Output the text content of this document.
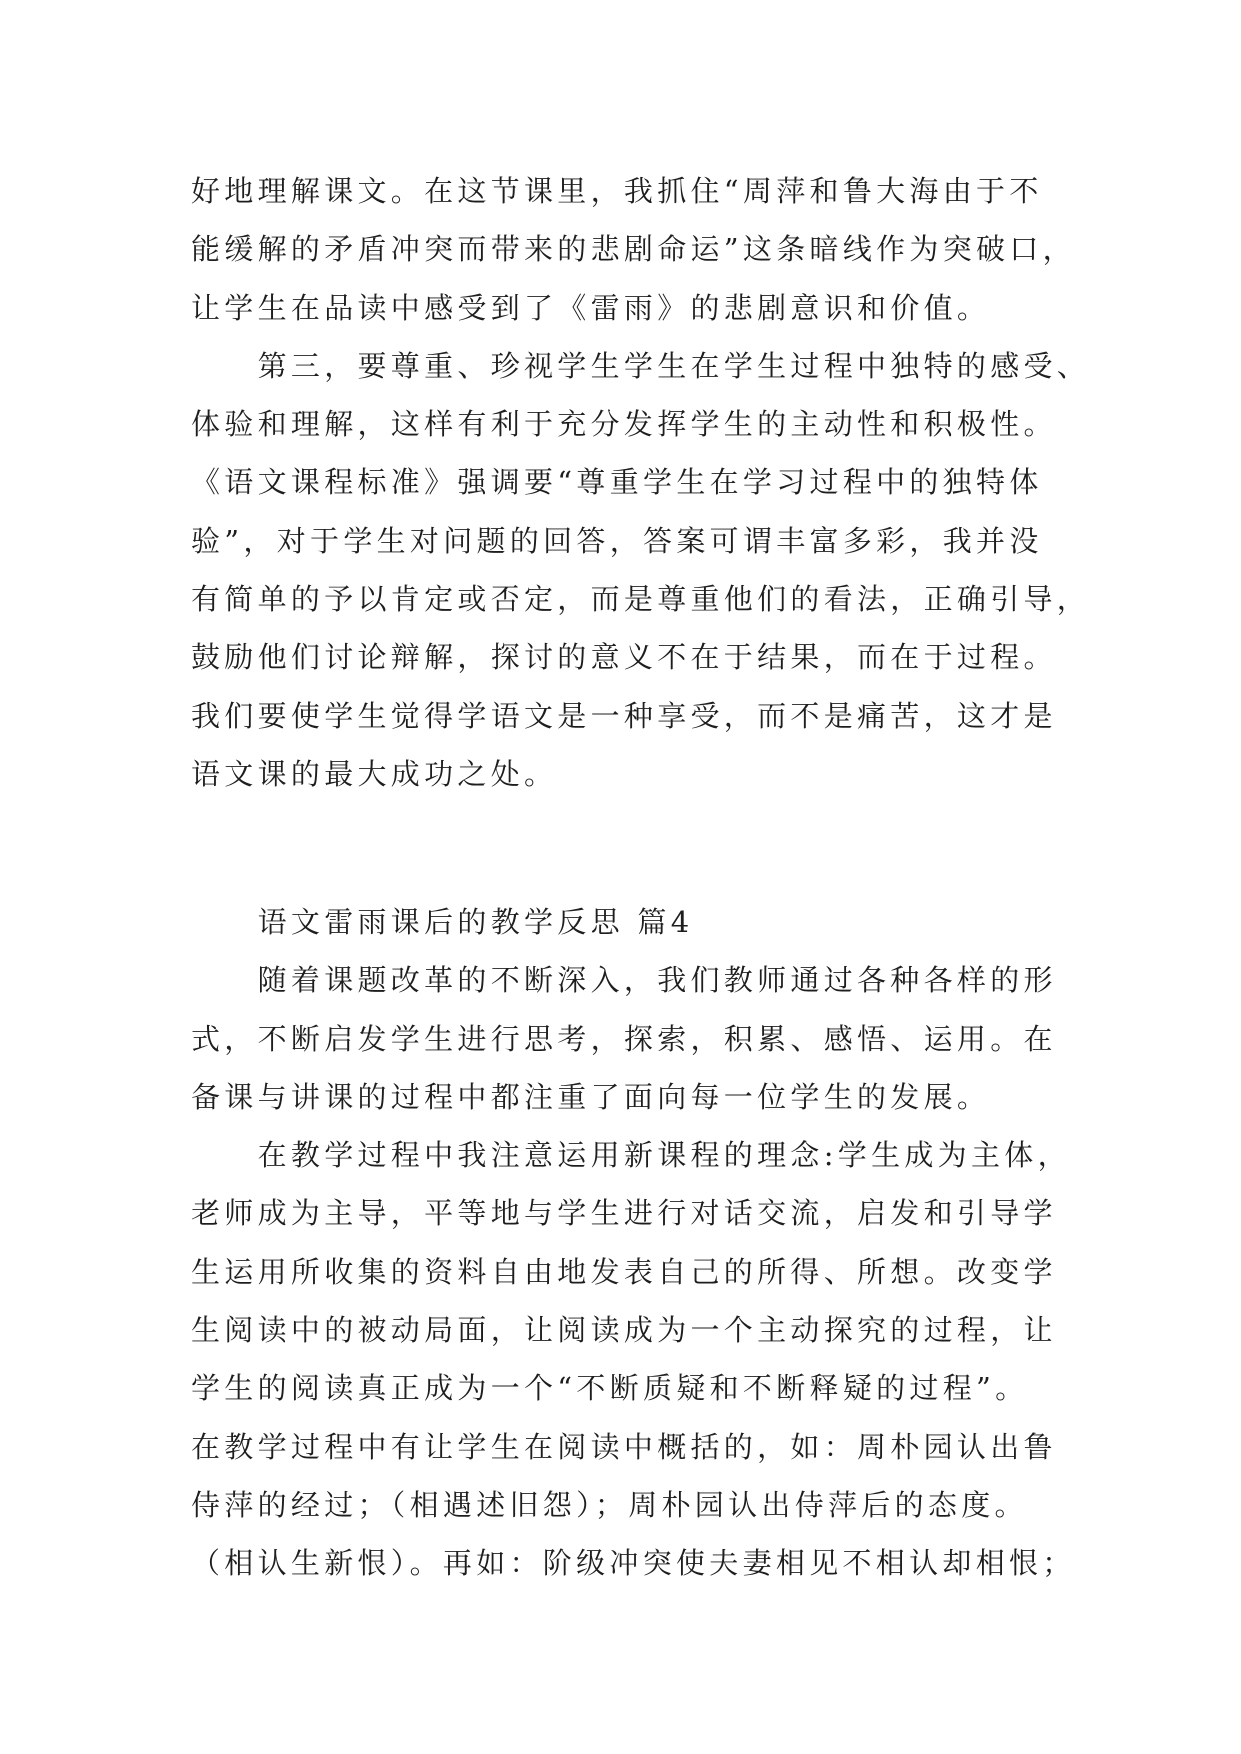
好地理解课文。在这节课里，我抓住“周萍和鲁大海由于不
能缓解的矛盾冲突而带来的悲剧命运”这条暗线作为突破口，
让学生在品读中感受到了《雷雨》的悲剧意识和价值。
第三，要尊重、珍视学生学生在学生过程中独特的感受、
体验和理解，这样有利于充分发挥学生的主动性和积极性。
《语文课程标准》强调要“尊重学生在学习过程中的独特体
验”，对于学生对问题的回答，答案可谓丰富多彩，我并没
有简单的予以肯定或否定，而是尊重他们的看法，正确引导，
鼓励他们讨论辩解，探讨的意义不在于结果，而在于过程。
我们要使学生觉得学语文是一种享受，而不是痛苦，这才是
语文课的最大成功之处。
语文雷雨课后的教学反思 篇4
随着课题改革的不断深入，我们教师通过各种各样的形
式，不断启发学生进行思考，探索，积累、感悟、运用。在
备课与讲课的过程中都注重了面向每一位学生的发展。
在教学过程中我注意运用新课程的理念:学生成为主体，
老师成为主导，平等地与学生进行对话交流，启发和引导学
生运用所收集的资料自由地发表自己的所得、所想。改变学
生阅读中的被动局面，让阅读成为一个主动探究的过程，让
学生的阅读真正成为一个“不断质疑和不断释疑的过程”。
在教学过程中有让学生在阅读中概括的，如：周朴园认出鲁
侍萍的经过；（相遇述旧怨）；周朴园认出侍萍后的态度。
（相认生新恨）。再如：阶级冲突使夫妻相见不相认却相恨；
